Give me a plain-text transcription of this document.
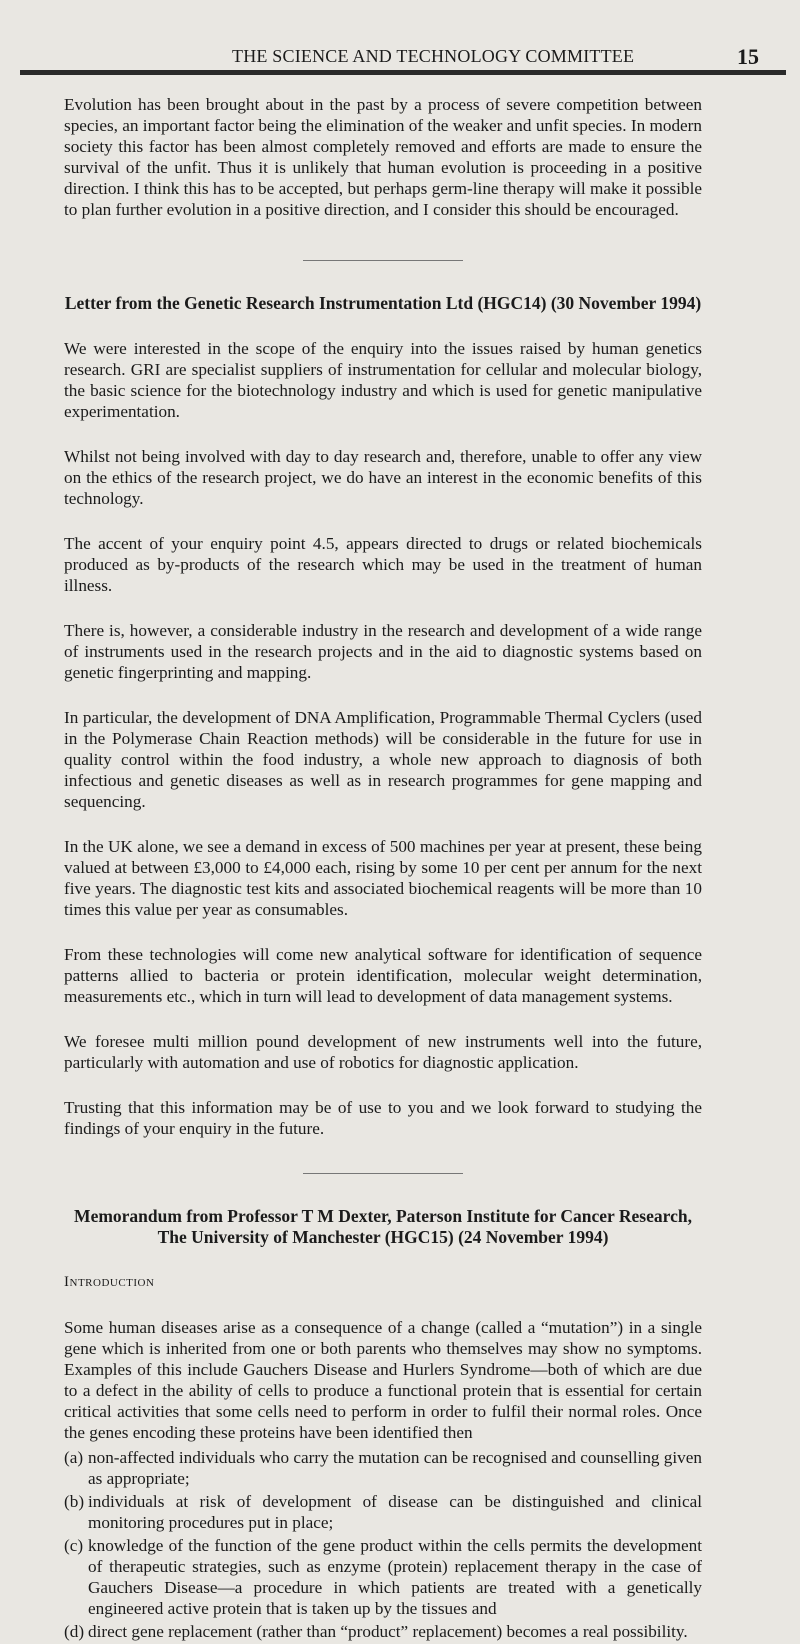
THE SCIENCE AND TECHNOLOGY COMMITTEE	15

Evolution has been brought about in the past by a process of severe competition between species, an important factor being the elimination of the weaker and unfit species. In modern society this factor has been almost completely removed and efforts are made to ensure the survival of the unfit. Thus it is unlikely that human evolution is proceeding in a positive direction. I think this has to be accepted, but perhaps germ-line therapy will make it possible to plan further evolution in a positive direction, and I consider this should be encouraged.

Letter from the Genetic Research Instrumentation Ltd (HGC14) (30 November 1994)

We were interested in the scope of the enquiry into the issues raised by human genetics research. GRI are specialist suppliers of instrumentation for cellular and molecular biology, the basic science for the biotechnology industry and which is used for genetic manipulative experimentation.

Whilst not being involved with day to day research and, therefore, unable to offer any view on the ethics of the research project, we do have an interest in the economic benefits of this technology.

The accent of your enquiry point 4.5, appears directed to drugs or related biochemicals produced as by-products of the research which may be used in the treatment of human illness.

There is, however, a considerable industry in the research and development of a wide range of instruments used in the research projects and in the aid to diagnostic systems based on genetic fingerprinting and mapping.

In particular, the development of DNA Amplification, Programmable Thermal Cyclers (used in the Polymerase Chain Reaction methods) will be considerable in the future for use in quality control within the food industry, a whole new approach to diagnosis of both infectious and genetic diseases as well as in research programmes for gene mapping and sequencing.

In the UK alone, we see a demand in excess of 500 machines per year at present, these being valued at between £3,000 to £4,000 each, rising by some 10 per cent per annum for the next five years. The diagnostic test kits and associated biochemical reagents will be more than 10 times this value per year as consumables.

From these technologies will come new analytical software for identification of sequence patterns allied to bacteria or protein identification, molecular weight determination, measurements etc., which in turn will lead to development of data management systems.

We foresee multi million pound development of new instruments well into the future, particularly with automation and use of robotics for diagnostic application.

Trusting that this information may be of use to you and we look forward to studying the findings of your enquiry in the future.

Memorandum from Professor T M Dexter, Paterson Institute for Cancer Research, The University of Manchester (HGC15) (24 November 1994)
Introduction

Some human diseases arise as a consequence of a change (called a “mutation”) in a single gene which is inherited from one or both parents who themselves may show no symptoms. Examples of this include Gauchers Disease and Hurlers Syndrome—both of which are due to a defect in the ability of cells to produce a functional protein that is essential for certain critical activities that some cells need to perform in order to fulfil their normal roles. Once the genes encoding these proteins have been identified then

(a) non-affected individuals who carry the mutation can be recognised and counselling given as appropriate;
(b) individuals at risk of development of disease can be distinguished and clinical monitoring procedures put in place;
(c) knowledge of the function of the gene product within the cells permits the development of therapeutic strategies, such as enzyme (protein) replacement therapy in the case of Gauchers Disease—a procedure in which patients are treated with a genetically engineered active protein that is taken up by the tissues and
(d) direct gene replacement (rather than “product” replacement) becomes a real possibility.
